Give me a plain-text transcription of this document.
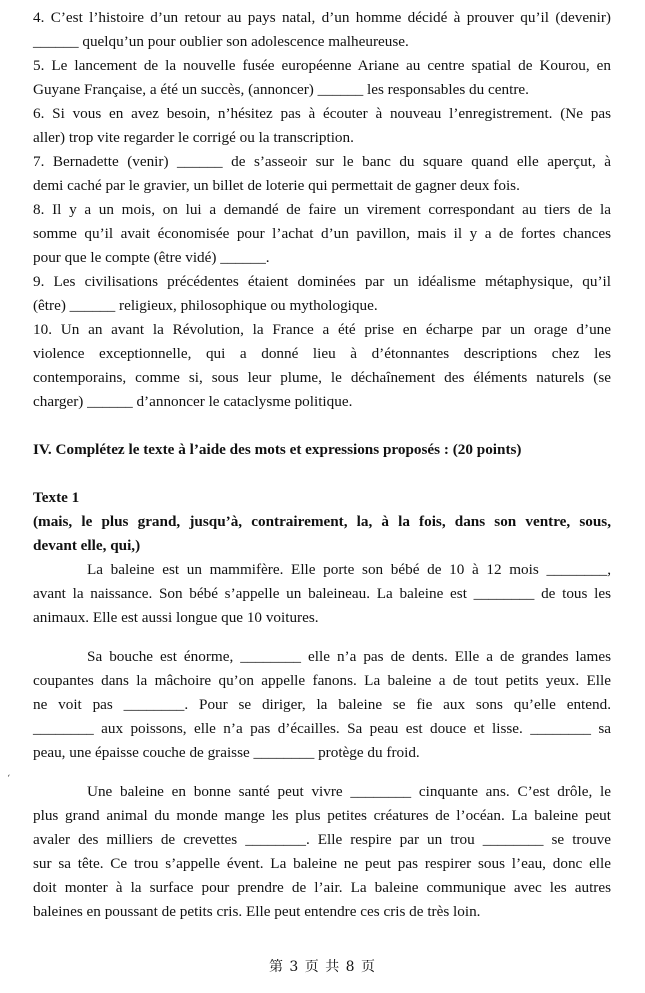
4. C’est l’histoire d’un retour au pays natal, d’un homme décidé à prouver qu’il (devenir)
______ quelqu’un pour oublier son adolescence malheureuse.
5. Le lancement de la nouvelle fusée européenne Ariane au centre spatial de Kourou, en
Guyane Française, a été un succès, (annoncer) ______ les responsables du centre.
6. Si vous en avez besoin, n’hésitez pas à écouter à nouveau l’enregistrement. (Ne pas
aller) trop vite regarder le corrigé ou la transcription.
7. Bernadette (venir) ______ de s’asseoir sur le banc du square quand elle aperçut, à
demi caché par le gravier, un billet de loterie qui permettait de gagner deux fois.
8. Il y a un mois, on lui a demandé de faire un virement correspondant au tiers de la
somme qu’il avait économisée pour l’achat d’un pavillon, mais il y a de fortes chances
pour que le compte (être vidé) ______.
9. Les civilisations précédentes étaient dominées par un idéalisme métaphysique, qu’il
(être) ______ religieux, philosophique ou mythologique.
10. Un an avant la Révolution, la France a été prise en écharpe par un orage d’une
violence exceptionnelle, qui a donné lieu à d’étonnantes descriptions chez les
contemporains, comme si, sous leur plume, le déchaînement des éléments naturels (se
charger) ______ d’annoncer le cataclysme politique.
IV. Complétez le texte à l’aide des mots et expressions proposés : (20 points)
Texte 1
(mais, le plus grand, jusqu’à, contrairement, la, à la fois, dans son ventre, sous,
devant elle, qui,)
La baleine est un mammifère. Elle porte son bébé de 10 à 12 mois ________,
avant la naissance. Son bébé s’appelle un baleineau. La baleine est ________ de tous les
animaux. Elle est aussi longue que 10 voitures.
Sa bouche est énorme, ________ elle n’a pas de dents. Elle a de grandes lames
coupantes dans la mâchoire qu’on appelle fanons. La baleine a de tout petits yeux. Elle
ne voit pas ________. Pour se diriger, la baleine se fie aux sons qu’elle entend.
________ aux poissons, elle n’a pas d’écailles. Sa peau est douce et lisse. ________ sa
peau, une épaisse couche de graisse ________ protège du froid.
Une baleine en bonne santé peut vivre ________ cinquante ans. C’est drôle, le
plus grand animal du monde mange les plus petites créatures de l’océan. La baleine peut
avaler des milliers de crevettes ________. Elle respire par un trou ________ se trouve
sur sa tête. Ce trou s’appelle évent. La baleine ne peut pas respirer sous l’eau, donc elle
doit monter à la surface pour prendre de l’air. La baleine communique avec les autres
baleines en poussant de petits cris. Elle peut entendre ces cris de très loin.
´
第 3 页 共 8 页
